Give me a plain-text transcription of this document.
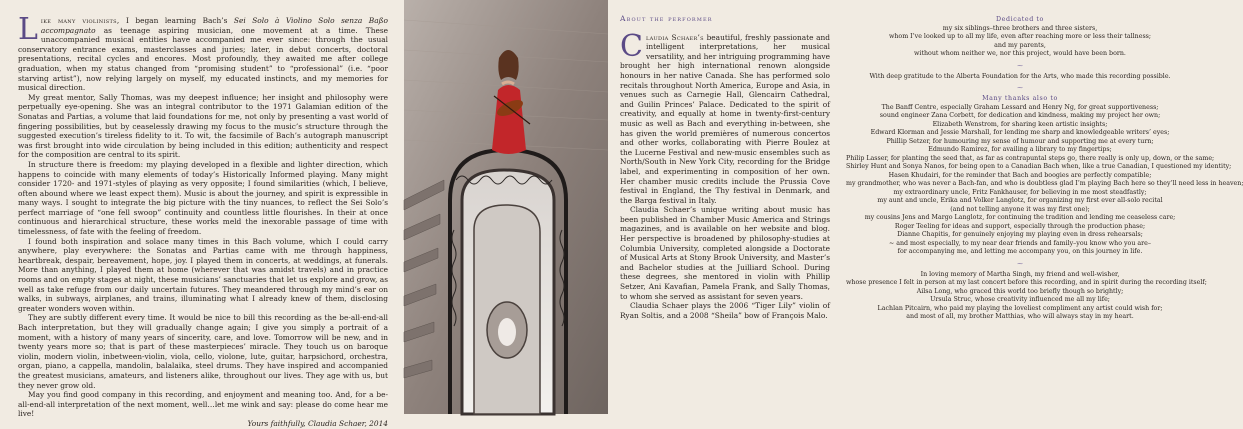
Like many violinists, I began learning Bach’s Sei Solo à Violino Solo senza Baßo accompagnato as teenage aspiring musician, one movement at a time. These unaccompanied musical entities have accompanied me ever since: through the usual conservatory entrance exams, masterclasses and juries; later, in debut concerts, doctoral presentations, recital cycles and encores. Most profoundly, they awaited me after college graduation, when my status changed from “promising student” to “professional” (i.e. “poor starving artist”), now relying largely on myself, my educated instincts, and my memories for musical direction.

My great mentor, Sally Thomas, was my deepest influence; her insight and philosophy were perpetually eye-opening. She was an integral contributor to the 1971 Galamian edition of the Sonatas and Partias, a volume that laid foundations for me, not only by presenting a vast world of fingering possibilities, but by ceaselessly drawing my focus to the music’s structure through the suggested execution’s tireless fidelity to it. To wit, the facsimile of Bach’s autograph manuscript was first brought into wide circulation by being included in this edition; authenticity and respect for the composition are central to its spirit.

In structure there is freedom: my playing developed in a flexible and lighter direction, which happens to coincide with many elements of today’s Historically Informed playing. Many might consider 1720- and 1971-styles of playing as very opposite; I found similarities (which, I believe, often abound where we least expect them). Music is about the journey, and spirit is expressible in many ways. I sought to integrate the big picture with the tiny nuances, to reflect the Sei Solo’s perfect marriage of “one fell swoop” continuity and countless little flourishes. In their at once continuous and hierarchical structure, these works meld the inexorable passage of time with timelessness, of fate with the feeling of freedom.

I found both inspiration and solace many times in this Bach volume, which I could carry anywhere, play everywhere: the Sonatas and Partias came with me through happiness, heartbreak, despair, bereavement, hope, joy. I played them in concerts, at weddings, at funerals. More than anything, I played them at home (wherever that was amidst travels) and in practice rooms and on empty stages at night, these musicians’ sanctuaries that let us explore and grow, as well as take refuge from our daily uncertain futures. They meandered through my mind’s ear on walks, in subways, airplanes, and trains, illuminating what I already knew of them, disclosing greater wonders woven within.

They are subtly different every time. It would be nice to bill this recording as the be-all-end-all Bach interpretation, but they will gradually change again; I give you simply a portrait of a moment, with a history of many years of sincerity, care, and love. Tomorrow will be new, and in twenty years more so; that is part of these masterpieces’ miracle. They touch us on baroque violin, modern violin, inbetween-violin, viola, cello, violone, lute, guitar, harpsichord, orchestra, organ, piano, a cappella, mandolin, balalaika, steel drums. They have inspired and accompanied the greatest musicians, amateurs, and listeners alike, throughout our lives. They age with us, but they never grow old.

May you find good company in this recording, and enjoyment and meaning too. And, for a be-all-end-all interpretation of the next moment, well…let me wink and say: please do come hear me live!

Yours faithfully, Claudia Schaer, 2014

About the performer

Claudia Schaer’s beautiful, freshly passionate and intelligent interpretations, her musical versatility, and her intriguing programming have brought her high international renown alongside honours in her native Canada. She has performed solo recitals throughout North America, Europe and Asia, in venues such as Carnegie Hall, Glencairn Cathedral, and Guilin Princes’ Palace. Dedicated to the spirit of creativity, and equally at home in twenty-first-century music as well as Bach and everything in-between, she has given the world premières of numerous concertos and other works, collaborating with Pierre Boulez at the Lucerne Festival and new-music ensembles such as North/South in New York City, recording for the Bridge label, and experimenting in composition of her own. Her chamber music credits include the Prussia Cove festival in England, the Thy festival in Denmark, and the Barga festival in Italy.

Claudia Schaer’s unique writing about music has been published in Chamber Music America and Strings magazines, and is available on her website and blog. Her perspective is broadened by philosophy-studies at Columbia University, completed alongside a Doctorate of Musical Arts at Stony Brook University, and Master’s and Bachelor studies at the Juilliard School. During these degrees, she mentored in violin with Phillip Setzer, Ani Kavafian, Pamela Frank, and Sally Thomas, to whom she served as assistant for seven years.

Claudia Schaer plays the 2006 “Tiger Lily” violin of Ryan Soltis, and a 2008 “Sheila” bow of François Malo.

Dedicated to
my six siblings–three brothers and three sisters,
whom I’ve looked up to all my life, even after reaching more or less their tallness;
and my parents,
without whom neither we, nor this project, would have been born.
~
With deep gratitude to the Alberta Foundation for the Arts, who made this recording possible.
~
Many thanks also to
The Banff Centre, especially Graham Lessard and Henry Ng, for great supportiveness;
sound engineer Zana Corbett, for dedication and kindness, making my project her own;
Elizabeth Wenstrom, for sharing keen artistic insights;
Edward Klorman and Jessie Marshall, for lending me sharp and knowledgeable writers’ eyes;
Phillip Setzer, for humouring my sense of humour and supporting me at every turn;
Edmundo Ramirez, for availing a library to my fingertips;
Philip Lasser, for planting the seed that, as far as contrapuntal steps go, there really is only up, down, or the same;
Shirley Hunt and Sonya Nanos, for being open to a Canadian Bach when, like a true Canadian, I questioned my identity;
Hasen Khudairi, for the reminder that Bach and boogies are perfectly compatible;
my grandmother, who was never a Bach-fan, and who is doubtless glad I’m playing Bach here so they’ll need less in heaven;
my extraordinary uncle, Fritz Fankhauser, for believing in me most steadfastly;
my aunt and uncle, Erika and Volker Langlotz, for organizing my first ever all-solo recital
(and not telling anyone it was my first one);
my cousins Jens and Margo Langlotz, for continuing the tradition and lending me ceaseless care;
Roger Teeling for ideas and support, especially through the production phase;
Dianne Chapitis, for genuinely enjoying my playing even in dress rehearsals;
~ and most especially, to my near dear friends and family–you know who you are–
for accompanying me, and letting me accompany you, on this journey in life.
~
In loving memory of Martha Singh, my friend and well-wisher,
whose presence I felt in person at my last concert before this recording, and in spirit during the recording itself;
Ailsa Long, who graced this world too briefly though so brightly;
Ursula Struc, whose creativity influenced me all my life;
Lachlan Pitcairn, who paid my playing the loveliest compliment any artist could wish for;
and most of all, my brother Matthias, who will always stay in my heart.
